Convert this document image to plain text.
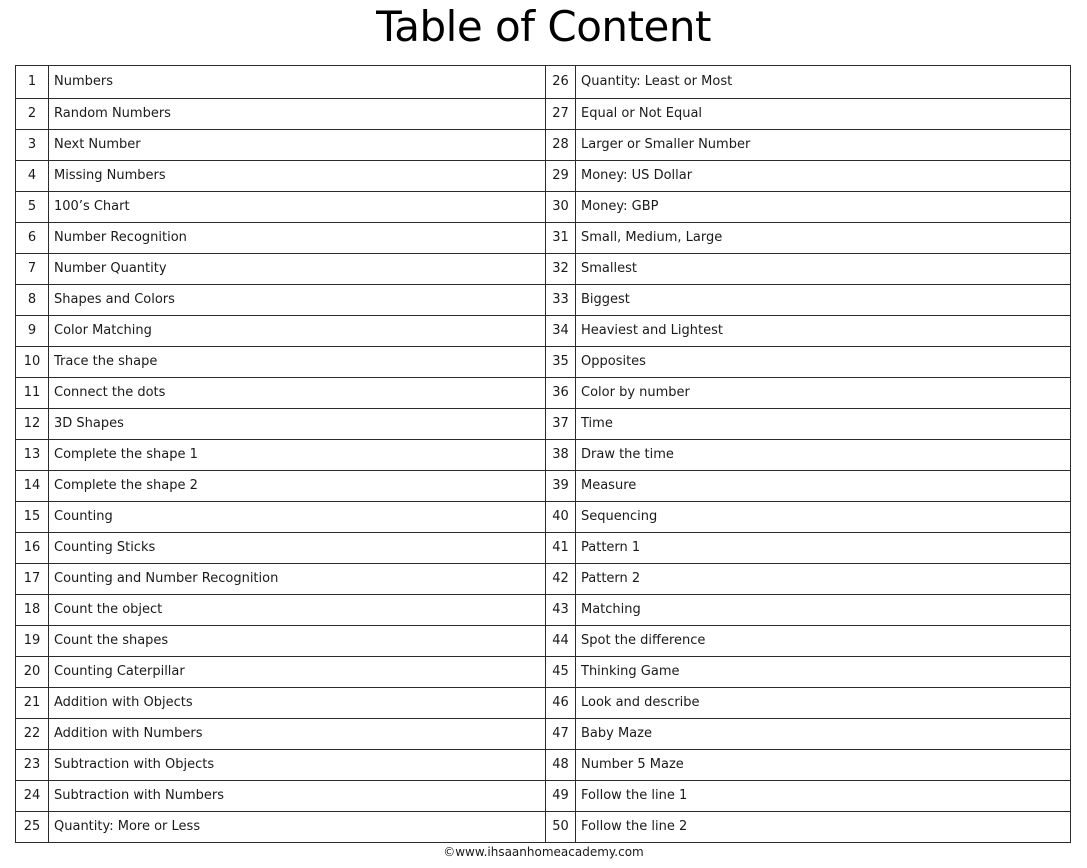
Table of Content
1	Numbers	26	Quantity: Least or Most
2	Random Numbers	27	Equal or Not Equal
3	Next Number	28	Larger or Smaller Number
4	Missing Numbers	29	Money: US Dollar
5	100’s Chart	30	Money: GBP
6	Number Recognition	31	Small, Medium, Large
7	Number Quantity	32	Smallest
8	Shapes and Colors	33	Biggest
9	Color Matching	34	Heaviest and Lightest
10	Trace the shape	35	Opposites
11	Connect the dots	36	Color by number
12	3D Shapes	37	Time
13	Complete the shape 1	38	Draw the time
14	Complete the shape 2	39	Measure
15	Counting	40	Sequencing
16	Counting Sticks	41	Pattern 1
17	Counting and Number Recognition	42	Pattern 2
18	Count the object	43	Matching
19	Count the shapes	44	Spot the difference
20	Counting Caterpillar	45	Thinking Game
21	Addition with Objects	46	Look and describe
22	Addition with Numbers	47	Baby Maze
23	Subtraction with Objects	48	Number 5 Maze
24	Subtraction with Numbers	49	Follow the line 1
25	Quantity: More or Less	50	Follow the line 2
©www.ihsaanhomeacademy.com
